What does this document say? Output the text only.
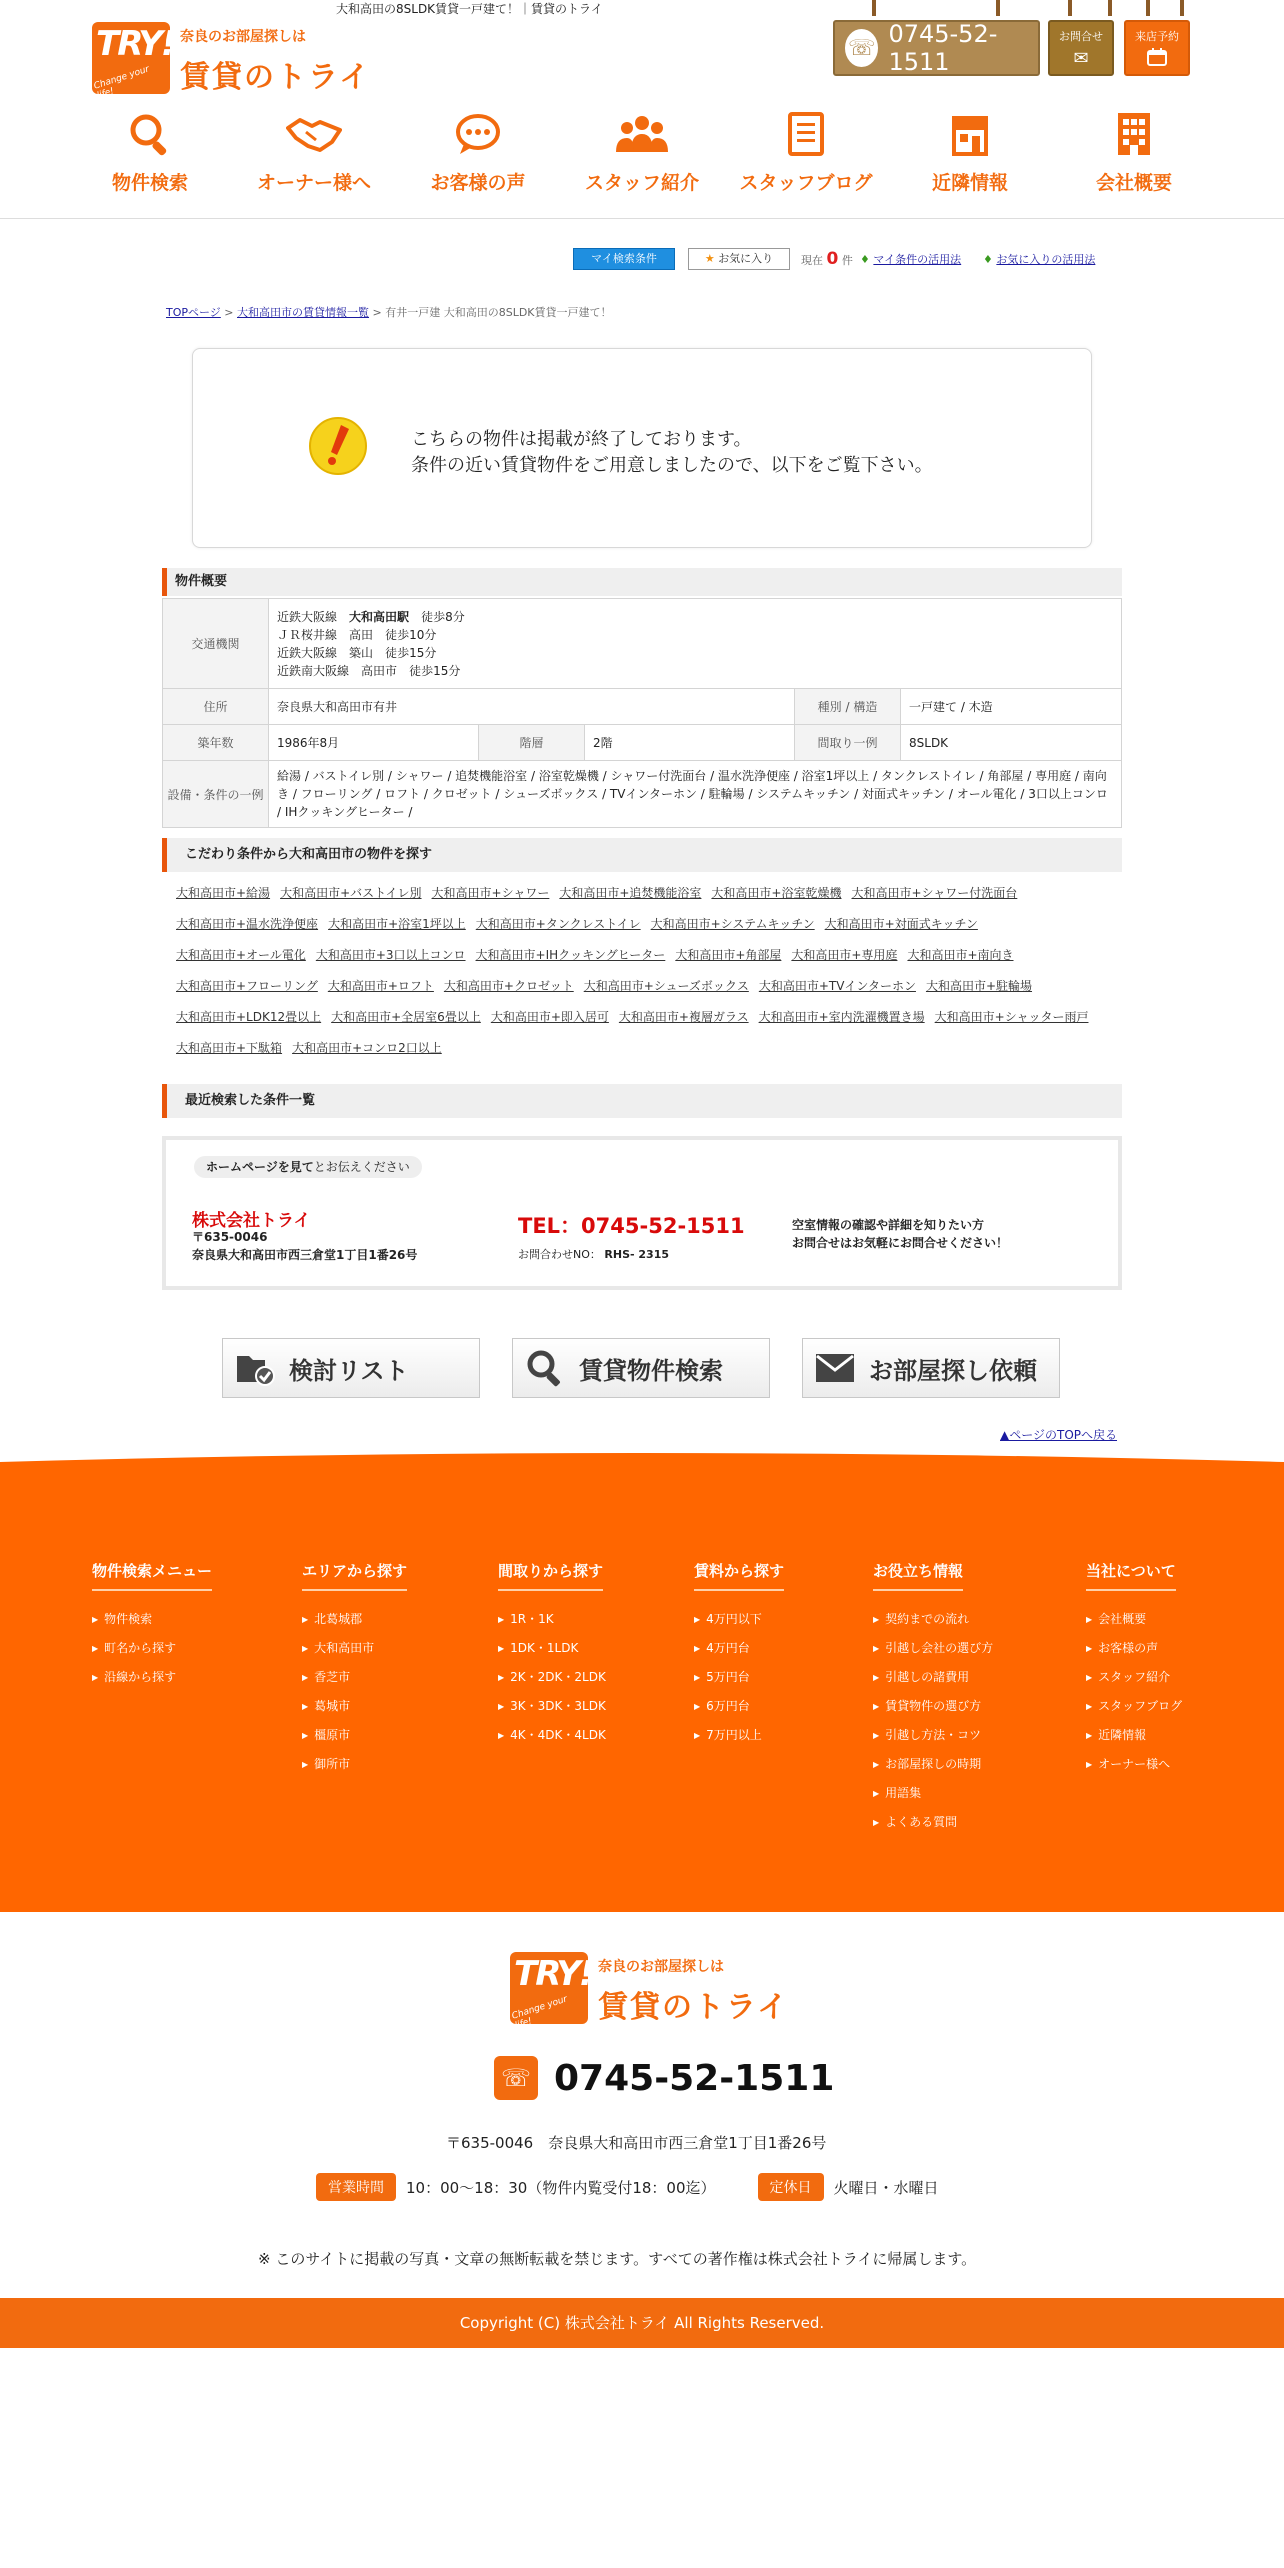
大和高田の8SLDK賃貸一戸建て！｜賃貸のトライ
TRY!
Change your life!
奈良のお部屋探しは
賃貸のトライ
☏ 0745-52-1511
お問合せ
✉
来店予約
物件検索	オーナー様へ	お客様の声	スタッフ紹介	スタッフブログ	近隣情報	会社概要
マイ検索条件	★ お気に入り	現在 0 件 ♦ マイ条件の活用法 ♦ お気に入りの活用法
TOPページ > 大和高田市の賃貸情報一覧 > 有井一戸建 大和高田の8SLDK賃貸一戸建て！
こちらの物件は掲載が終了しております。
条件の近い賃貸物件をご用意しましたので、以下をご覧下さい。
物件概要
交通機関	近鉄大阪線　 大和高田駅　 徒歩8分
ＪＲ桜井線　 高田　 徒歩10分
近鉄大阪線　 築山　 徒歩15分
近鉄南大阪線　 高田市　 徒歩15分				

住所	奈良県大和高田市有井			種別 / 構造	一戸建て / 木造
築年数	1986年8月	階層	2階	間取り一例	8SLDK
設備・条件の一例	給湯 / バストイレ別 / シャワー / 追焚機能浴室 / 浴室乾燥機 / シャワー付洗面台 / 温水洗浄便座 / 浴室1坪以上 / タンクレストイレ / 角部屋 / 専用庭 / 南向き / フローリング / ロフト / クロゼット / シューズボックス / TVインターホン / 駐輪場 / システムキッチン / 対面式キッチン / オール電化 / 3口以上コンロ / IHクッキングヒーター /				
こだわり条件から大和高田市の物件を探す
大和高田市+給湯 大和高田市+バストイレ別 大和高田市+シャワー 大和高田市+追焚機能浴室 大和高田市+浴室乾燥機 大和高田市+シャワー付洗面台大和高田市+温水洗浄便座 大和高田市+浴室1坪以上 大和高田市+タンクレストイレ 大和高田市+システムキッチン 大和高田市+対面式キッチン大和高田市+オール電化 大和高田市+3口以上コンロ 大和高田市+IHクッキングヒーター 大和高田市+角部屋 大和高田市+専用庭 大和高田市+南向き大和高田市+フローリング 大和高田市+ロフト 大和高田市+クロゼット 大和高田市+シューズボックス 大和高田市+TVインターホン 大和高田市+駐輪場大和高田市+LDK12畳以上 大和高田市+全居室6畳以上 大和高田市+即入居可 大和高田市+複層ガラス 大和高田市+室内洗濯機置き場 大和高田市+シャッター雨戸大和高田市+下駄箱 大和高田市+コンロ2口以上
最近検索した条件一覧
ホームページを見てとお伝えください
株式会社トライ
〒635-0046
奈良県大和高田市西三倉堂1丁目1番26号
TEL：0745-52-1511
お問合わせNO： RHS- 2315
空室情報の確認や詳細を知りたい方
お問合せはお気軽にお問合せください！
検討リスト	賃貸物件検索	お部屋探し依頼
▲ページのTOPへ戻る
物件検索メニュー
▶ 物件検索
▶ 町名から探す
▶ 沿線から探す
エリアから探す
▶ 北葛城郡
▶ 大和高田市
▶ 香芝市
▶ 葛城市
▶ 橿原市
▶ 御所市
間取りから探す
▶ 1R・1K
▶ 1DK・1LDK
▶ 2K・2DK・2LDK
▶ 3K・3DK・3LDK
▶ 4K・4DK・4LDK
賃料から探す
▶ 4万円以下
▶ 4万円台
▶ 5万円台
▶ 6万円台
▶ 7万円以上
お役立ち情報
▶ 契約までの流れ
▶ 引越し会社の選び方
▶ 引越しの諸費用
▶ 賃貸物件の選び方
▶ 引越し方法・コツ
▶ お部屋探しの時期
▶ 用語集
▶ よくある質問
当社について
▶ 会社概要
▶ お客様の声
▶ スタッフ紹介
▶ スタッフブログ
▶ 近隣情報
▶ オーナー様へ
TRY!
Change your life!
奈良のお部屋探しは
賃貸のトライ
☏ 0745-52-1511
〒635-0046　奈良県大和高田市西三倉堂1丁目1番26号
営業時間	10：00〜18：30（物件内覧受付18：00迄）	定休日	火曜日・水曜日
※ このサイトに掲載の写真・文章の無断転載を禁じます。すべての著作権は株式会社トライに帰属します。
Copyright (C) 株式会社トライ All Rights Reserved.
